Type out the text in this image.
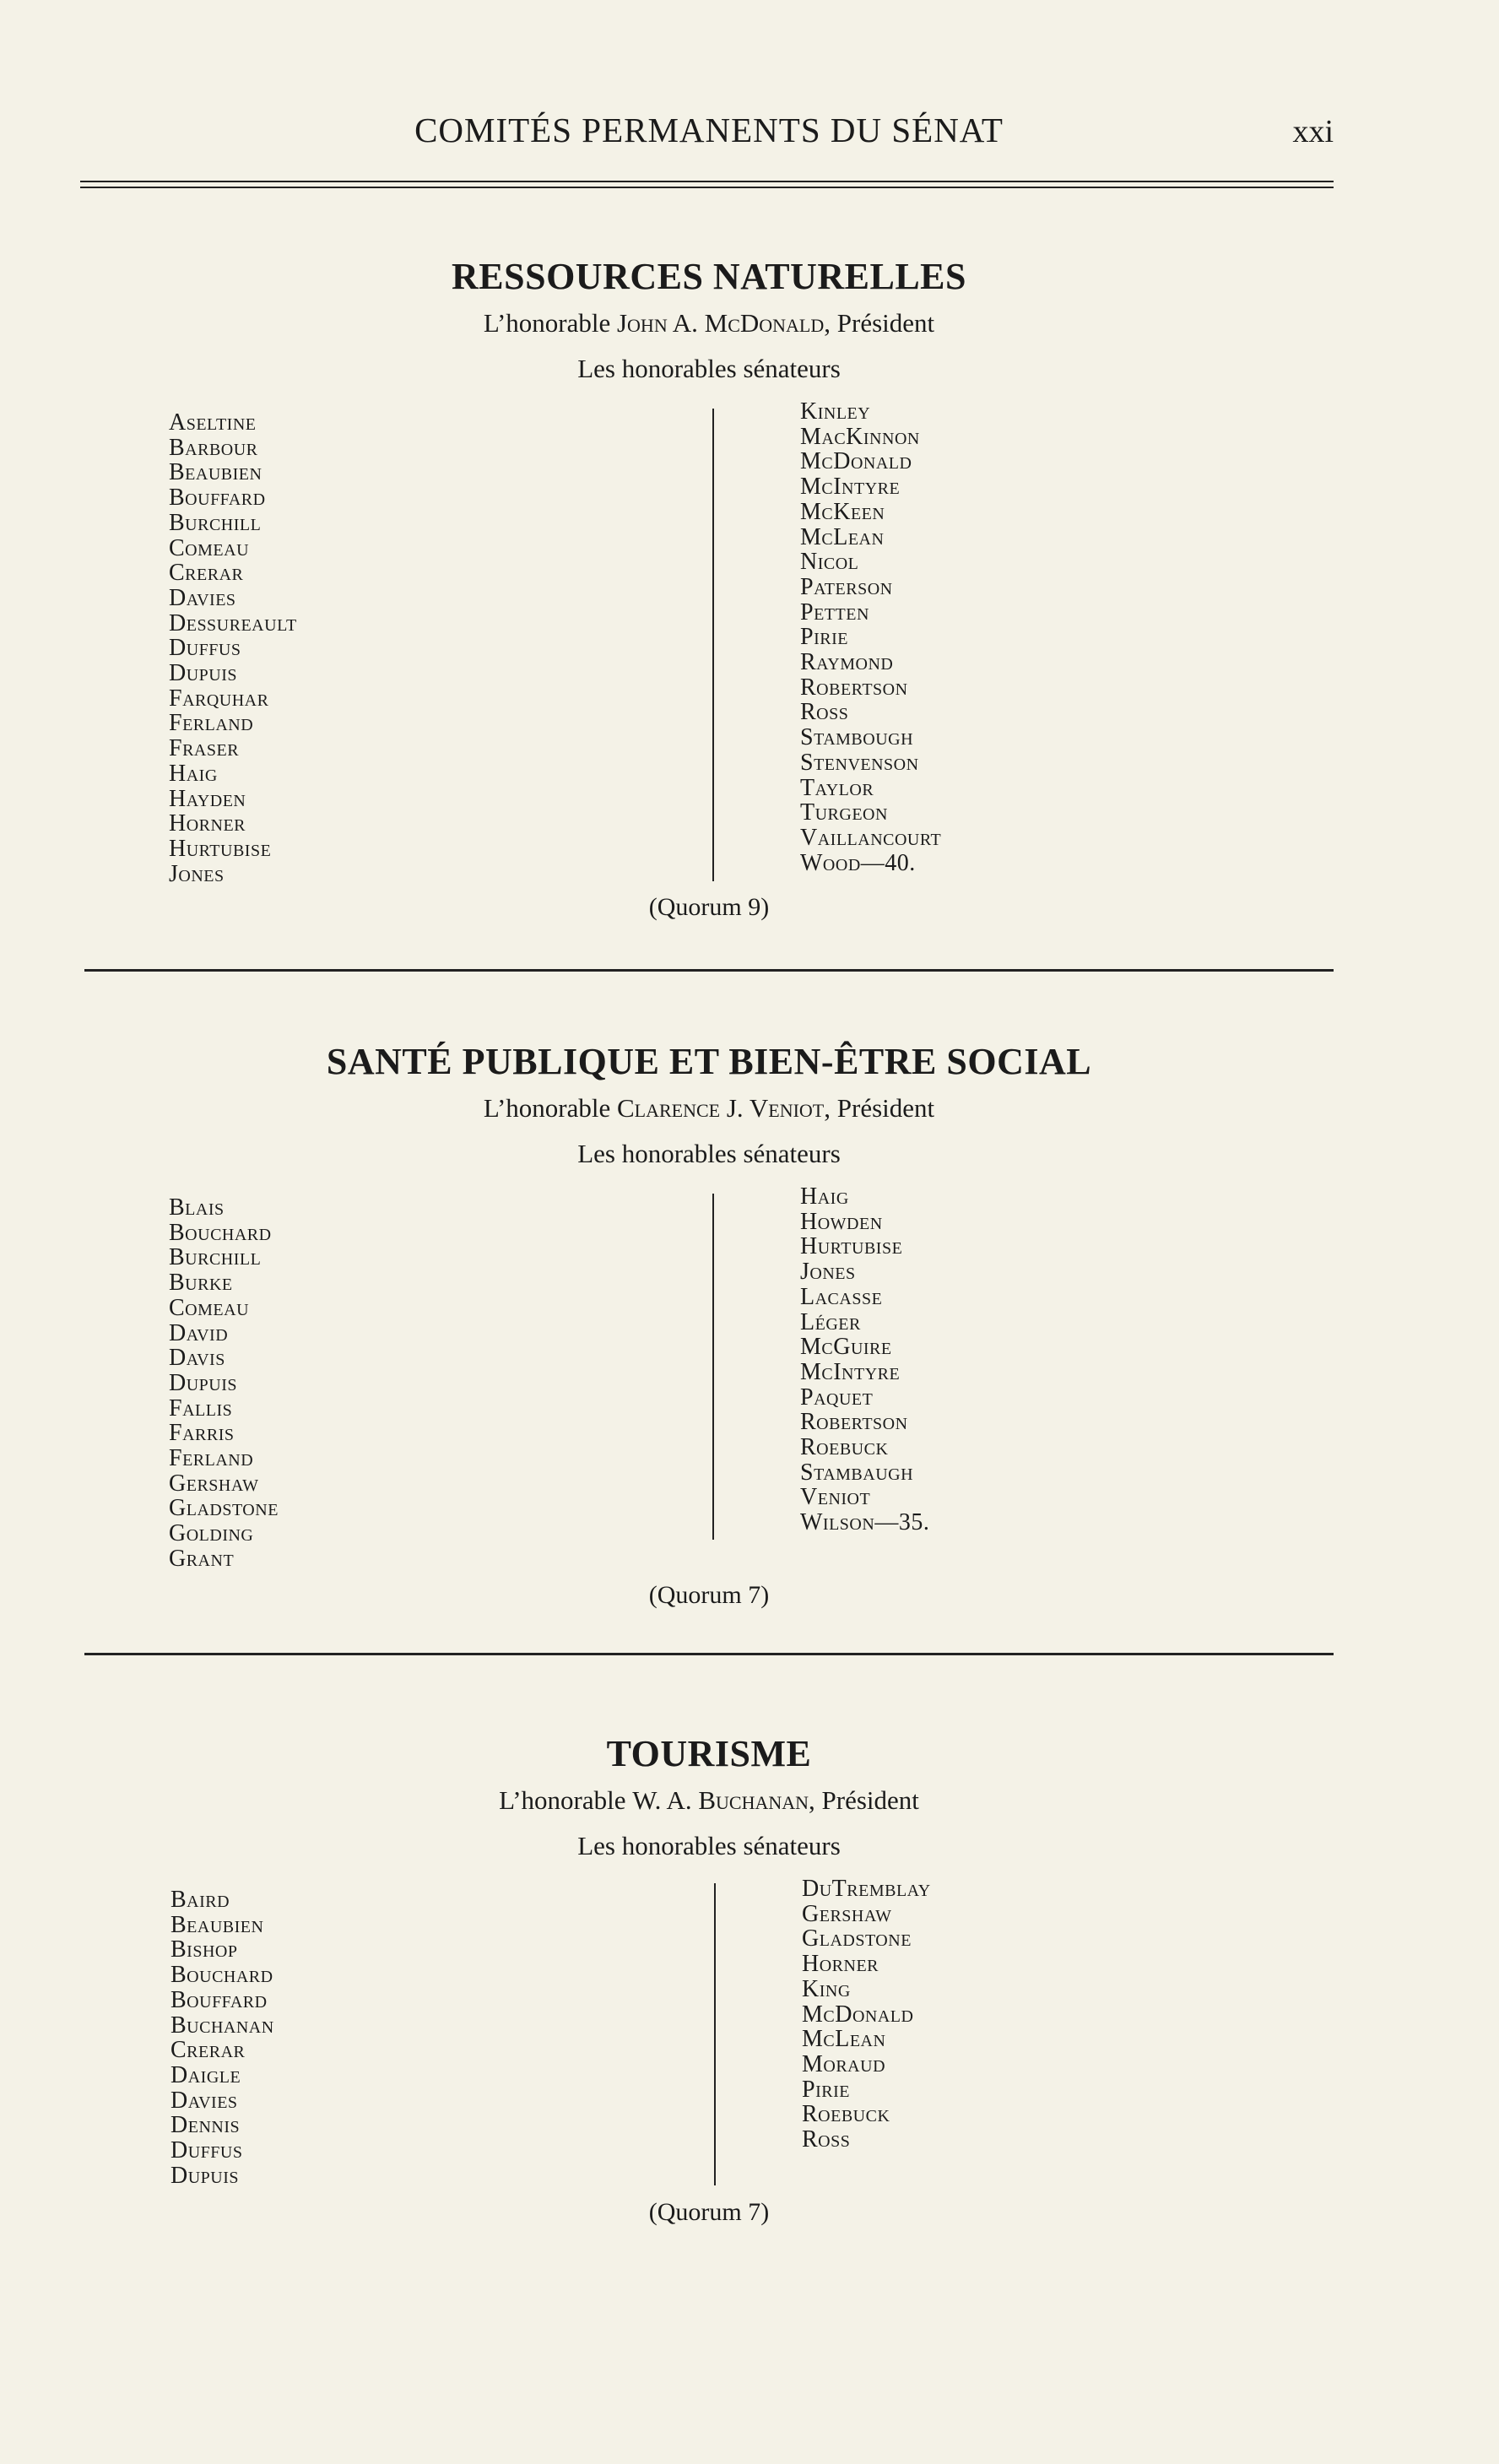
COMITÉS PERMANENTS DU SÉNAT	xxi
RESSOURCES NATURELLES
L’honorable John A. McDonald, Président
Les honorables sénateurs
Aseltine
Barbour
Beaubien
Bouffard
Burchill
Comeau
Crerar
Davies
Dessureault
Duffus
Dupuis
Farquhar
Ferland
Fraser
Haig
Hayden
Horner
Hurtubise
Jones
Kinley
MacKinnon
McDonald
McIntyre
McKeen
McLean
Nicol
Paterson
Petten
Pirie
Raymond
Robertson
Ross
Stambough
Stenvenson
Taylor
Turgeon
Vaillancourt
Wood—40.
(Quorum 9)
SANTÉ PUBLIQUE ET BIEN-ÊTRE SOCIAL
L’honorable Clarence J. Veniot, Président
Les honorables sénateurs
Blais
Bouchard
Burchill
Burke
Comeau
David
Davis
Dupuis
Fallis
Farris
Ferland
Gershaw
Gladstone
Golding
Grant
Haig
Howden
Hurtubise
Jones
Lacasse
Léger
McGuire
McIntyre
Paquet
Robertson
Roebuck
Stambaugh
Veniot
Wilson—35.
(Quorum 7)
TOURISME
L’honorable W. A. Buchanan, Président
Les honorables sénateurs
Baird
Beaubien
Bishop
Bouchard
Bouffard
Buchanan
Crerar
Daigle
Davies
Dennis
Duffus
Dupuis
DuTremblay
Gershaw
Gladstone
Horner
King
McDonald
McLean
Moraud
Pirie
Roebuck
Ross
(Quorum 7)
